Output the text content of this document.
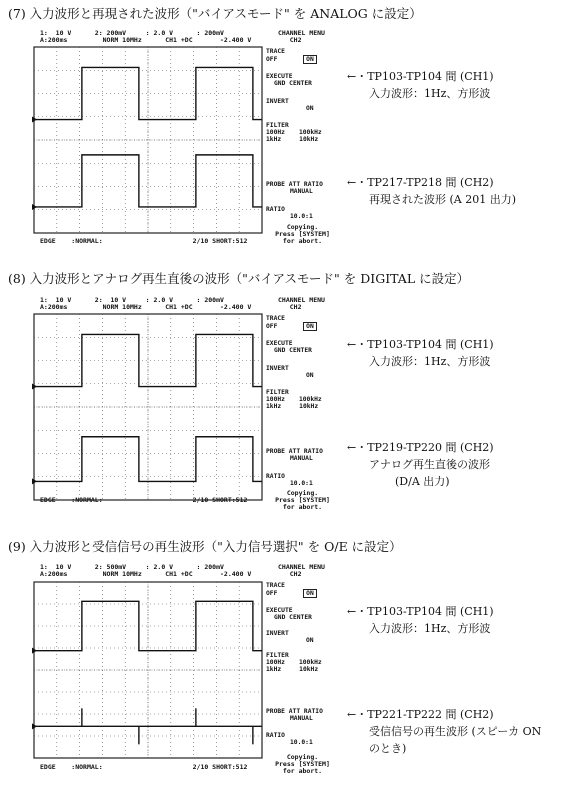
(7) 入力波形と再現された波形（"バイアスモード" を ANALOG に設定）
1:  10 V      2: 200mV     : 2.0 V      : 200mV
A:200ms         NORM 10MHz      CH1 +DC       -2.400 V
CHANNEL MENU
CH2
TRACE
OFF	ON
EXECUTE
GND CENTER
INVERT
ON
FILTER
100Hz 100kHz
1kHz	10kHz
PROBE ATT RATIO
MANUAL
RATIO
10.0:1
EDGE    :NORMAL:                       2/10 SHORT:512
Copying.
Press [SYSTEM]
for abort.
←・TP103-TP104 間 (CH1)
入力波形：1Hz、方形波
←・TP217-TP218 間 (CH2)
再現された波形 (A 201 出力)
(8) 入力波形とアナログ再生直後の波形（"バイアスモード" を DIGITAL に設定）
1:  10 V      2:  10 V     : 2.0 V      : 200mV
A:200ms         NORM 10MHz      CH1 +DC       -2.400 V
CHANNEL MENU
CH2
TRACE
OFF	ON
EXECUTE
GND CENTER
INVERT
ON
FILTER
100Hz 100kHz
1kHz	10kHz
PROBE ATT RATIO
MANUAL
RATIO
10.0:1
EDGE    :NORMAL:                       2/10 SHORT:512
Copying.
Press [SYSTEM]
for abort.
←・TP103-TP104 間 (CH1)
入力波形：1Hz、方形波
←・TP219-TP220 間 (CH2)
アナログ再生直後の波形
(D/A 出力)
(9) 入力波形と受信信号の再生波形（"入力信号選択" を O/E に設定）
1:  10 V      2: 500mV     : 2.0 V      : 200mV
A:200ms         NORM 10MHz      CH1 +DC       -2.400 V
CHANNEL MENU
CH2
TRACE
OFF	ON
EXECUTE
GND CENTER
INVERT
ON
FILTER
100Hz 100kHz
1kHz	10kHz
PROBE ATT RATIO
MANUAL
RATIO
10.0:1
EDGE    :NORMAL:                       2/10 SHORT:512
Copying.
Press [SYSTEM]
for abort.
←・TP103-TP104 間 (CH1)
入力波形：1Hz、方形波
←・TP221-TP222 間 (CH2)
受信信号の再生波形 (スピーカ ON
のとき)
